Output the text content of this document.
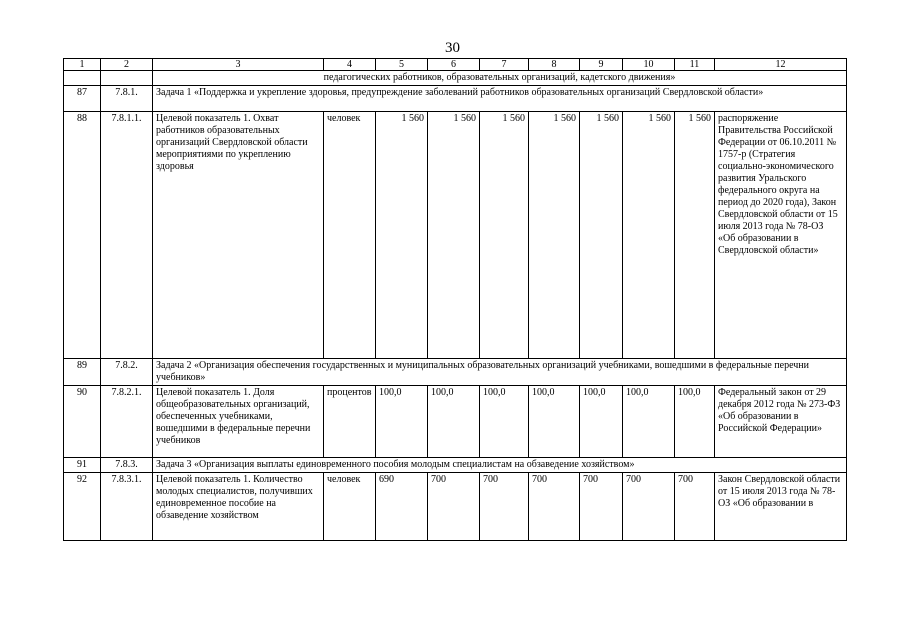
30
1	2	3	4	5	6	7	8	9	10	11	12
		педагогических работников, образовательных организаций, кадетского движения»									
87	7.8.1.	Задача 1 «Поддержка и укрепление здоровья, предупреждение заболеваний работников образовательных организаций Свердловской области»									
88	7.8.1.1.	Целевой показатель 1. Охват работников образовательных организаций Свердловской области мероприятиями по укреплению здоровья	человек	1 560	1 560	1 560	1 560	1 560	1 560	1 560	распоряжение Правительства Российской Федерации от 06.10.2011 № 1757-р (Стратегия социально-экономического развития Уральского федерального округа на период до 2020 года), Закон Свердловской области от 15 июля 2013 года № 78-ОЗ «Об образовании в Свердловской области»
89	7.8.2.	Задача 2 «Организация обеспечения государственных и муниципальных образовательных организаций учебниками, вошедшими в федеральные перечни учебников»									
90	7.8.2.1.	Целевой показатель 1. Доля общеобразовательных организаций, обеспеченных учебниками, вошедшими в федеральные перечни учебников	процентов	100,0	100,0	100,0	100,0	100,0	100,0	100,0	Федеральный закон от 29 декабря 2012 года № 273-ФЗ «Об образовании в Российской Федерации»
91	7.8.3.	Задача 3 «Организация выплаты единовременного пособия молодым специалистам на обзаведение хозяйством»									
92	7.8.3.1.	Целевой показатель 1. Количество молодых специалистов, получивших единовременное пособие на обзаведение хозяйством	человек	690	700	700	700	700	700	700	Закон Свердловской области от 15 июля 2013 года № 78-ОЗ «Об образовании в
